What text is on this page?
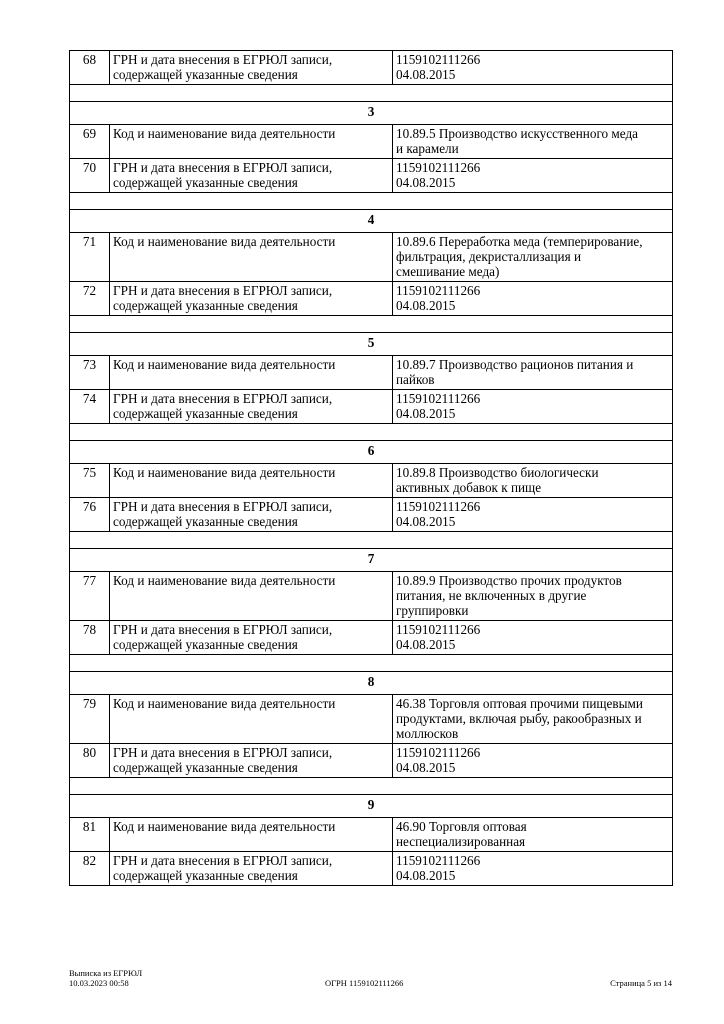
68	ГРН и дата внесения в ЕГРЮЛ записи,
содержащей указанные сведения	1159102111266
04.08.2015

3		
69	Код и наименование вида деятельности	10.89.5 Производство искусственного меда
и карамели

70	ГРН и дата внесения в ЕГРЮЛ записи,
содержащей указанные сведения	1159102111266
04.08.2015

4		
71	Код и наименование вида деятельности	10.89.6 Переработка меда (темперирование,
фильтрация, декристаллизация и
смешивание меда)

72	ГРН и дата внесения в ЕГРЮЛ записи,
содержащей указанные сведения	1159102111266
04.08.2015

5		
73	Код и наименование вида деятельности	10.89.7 Производство рационов питания и
пайков

74	ГРН и дата внесения в ЕГРЮЛ записи,
содержащей указанные сведения	1159102111266
04.08.2015

6		
75	Код и наименование вида деятельности	10.89.8 Производство биологически
активных добавок к пище

76	ГРН и дата внесения в ЕГРЮЛ записи,
содержащей указанные сведения	1159102111266
04.08.2015

7		
77	Код и наименование вида деятельности	10.89.9 Производство прочих продуктов
питания, не включенных в другие
группировки

78	ГРН и дата внесения в ЕГРЮЛ записи,
содержащей указанные сведения	1159102111266
04.08.2015

8		
79	Код и наименование вида деятельности	46.38 Торговля оптовая прочими пищевыми
продуктами, включая рыбу, ракообразных и
моллюсков

80	ГРН и дата внесения в ЕГРЮЛ записи,
содержащей указанные сведения	1159102111266
04.08.2015

9		
81	Код и наименование вида деятельности	46.90 Торговля оптовая
неспециализированная

82	ГРН и дата внесения в ЕГРЮЛ записи,
содержащей указанные сведения	1159102111266
04.08.2015
Выписка из ЕГРЮЛ
10.03.2023 00:58	ОГРН 1159102111266	Страница 5 из 14
